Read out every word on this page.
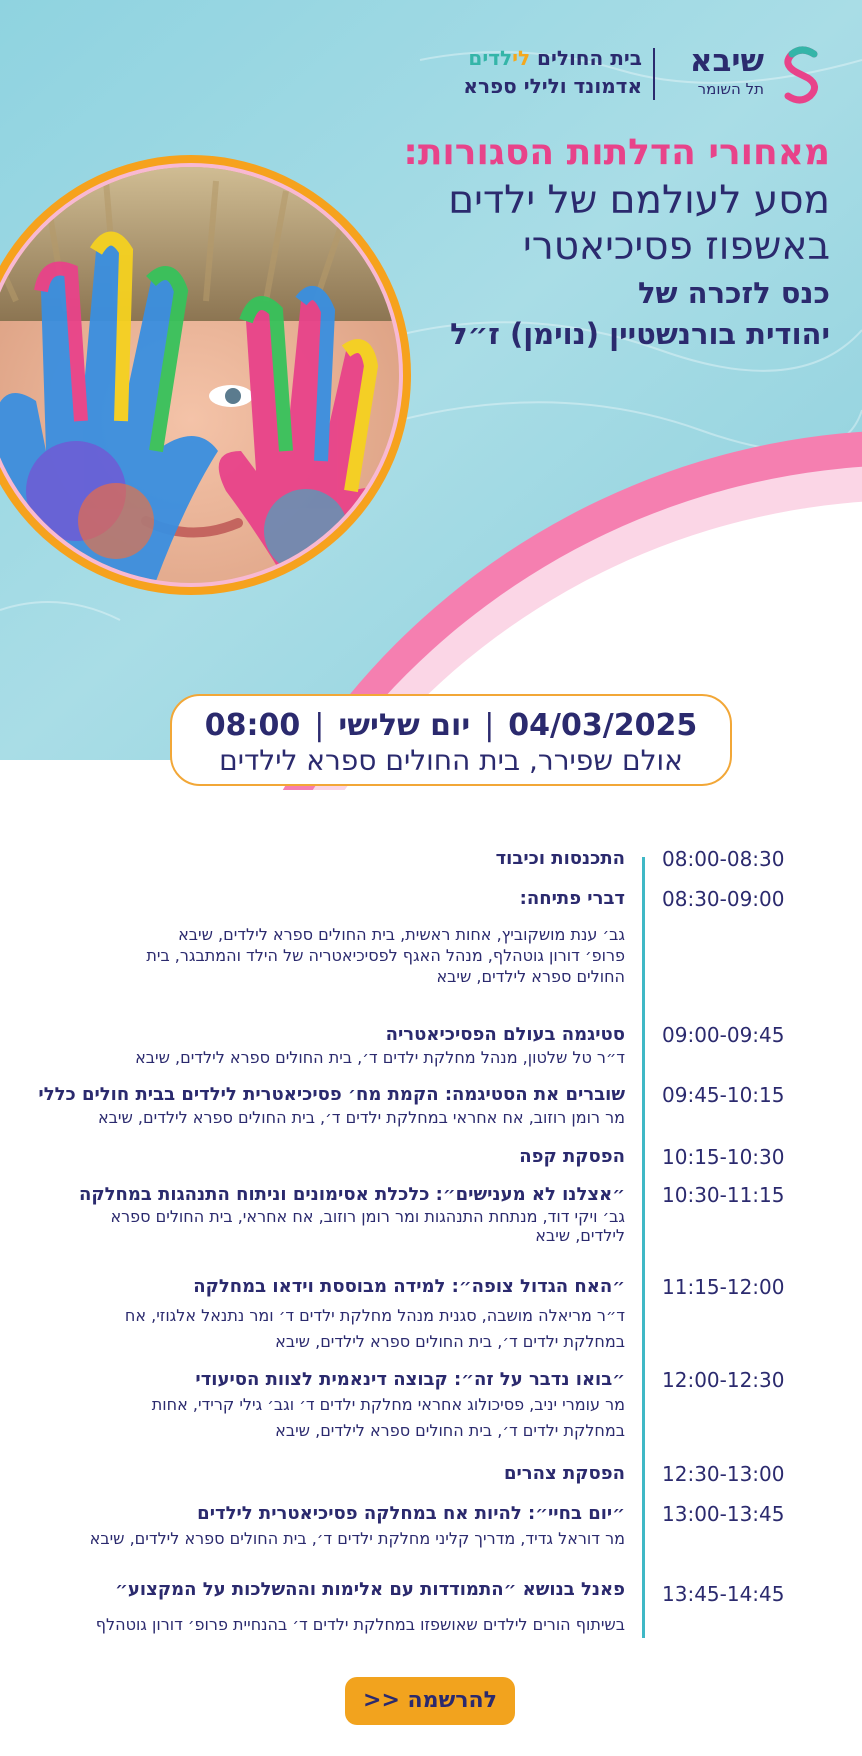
שיבא
תל השומר
בית החולים לילדים
אדמונד ולילי ספרא
מאחורי הדלתות הסגורות:
מסע לעולמם של ילדים
באשפוז פסיכיאטרי
כנס לזכרה של
יהודית בורנשטיין (נוימן) ז״ל
04/03/2025|יום שלישי|08:00
אולם שפירר, בית החולים ספרא לילדים
08:00-08:30
התכנסות וכיבוד
08:30-09:00
דברי פתיחה:
גב׳ ענת מושקוביץ, אחות ראשית, בית החולים ספרא לילדים, שיבא
פרופ׳ דורון גוטהלף, מנהל האגף לפסיכיאטריה של הילד והמתבגר, בית
החולים ספרא לילדים, שיבא
09:00-09:45
סטיגמה בעולם הפסיכיאטריה
ד״ר טל שלטון, מנהל מחלקת ילדים ד׳, בית החולים ספרא לילדים, שיבא
09:45-10:15
שוברים את הסטיגמה: הקמת מח׳ פסיכיאטרית לילדים בבית חולים כללי
מר רומן רוזוב, אח אחראי במחלקת ילדים ד׳, בית החולים ספרא לילדים, שיבא
10:15-10:30
הפסקת קפה
10:30-11:15
״אצלנו לא מענישים״: כלכלת אסימונים וניתוח התנהגות במחלקה
גב׳ ויקי דוד, מנתחת התנהגות ומר רומן רוזוב, אח אחראי, בית החולים ספרא
לילדים, שיבא
11:15-12:00
״האח הגדול צופה״: למידה מבוססת וידאו במחלקה
ד״ר מריאלה מושבה, סגנית מנהל מחלקת ילדים ד׳ ומר נתנאל אלגוזי, אח
במחלקת ילדים ד׳, בית החולים ספרא לילדים, שיבא
12:00-12:30
״בואו נדבר על זה״: קבוצה דינאמית לצוות הסיעודי
מר עומרי יניב, פסיכולוג אחראי מחלקת ילדים ד׳ וגב׳ גילי קרידי, אחות
במחלקת ילדים ד׳, בית החולים ספרא לילדים, שיבא
12:30-13:00
הפסקת צהרים
13:00-13:45
״יום בחיי״: להיות אח במחלקה פסיכיאטרית לילדים
מר דוראל גדיד, מדריך קליני מחלקת ילדים ד׳, בית החולים ספרא לילדים, שיבא
13:45-14:45
פאנל בנושא ״התמודדות עם אלימות וההשלכות על המקצוע״
בשיתוף הורים לילדים שאושפזו במחלקת ילדים ד׳ בהנחיית פרופ׳ דורון גוטהלף
להרשמה <<
